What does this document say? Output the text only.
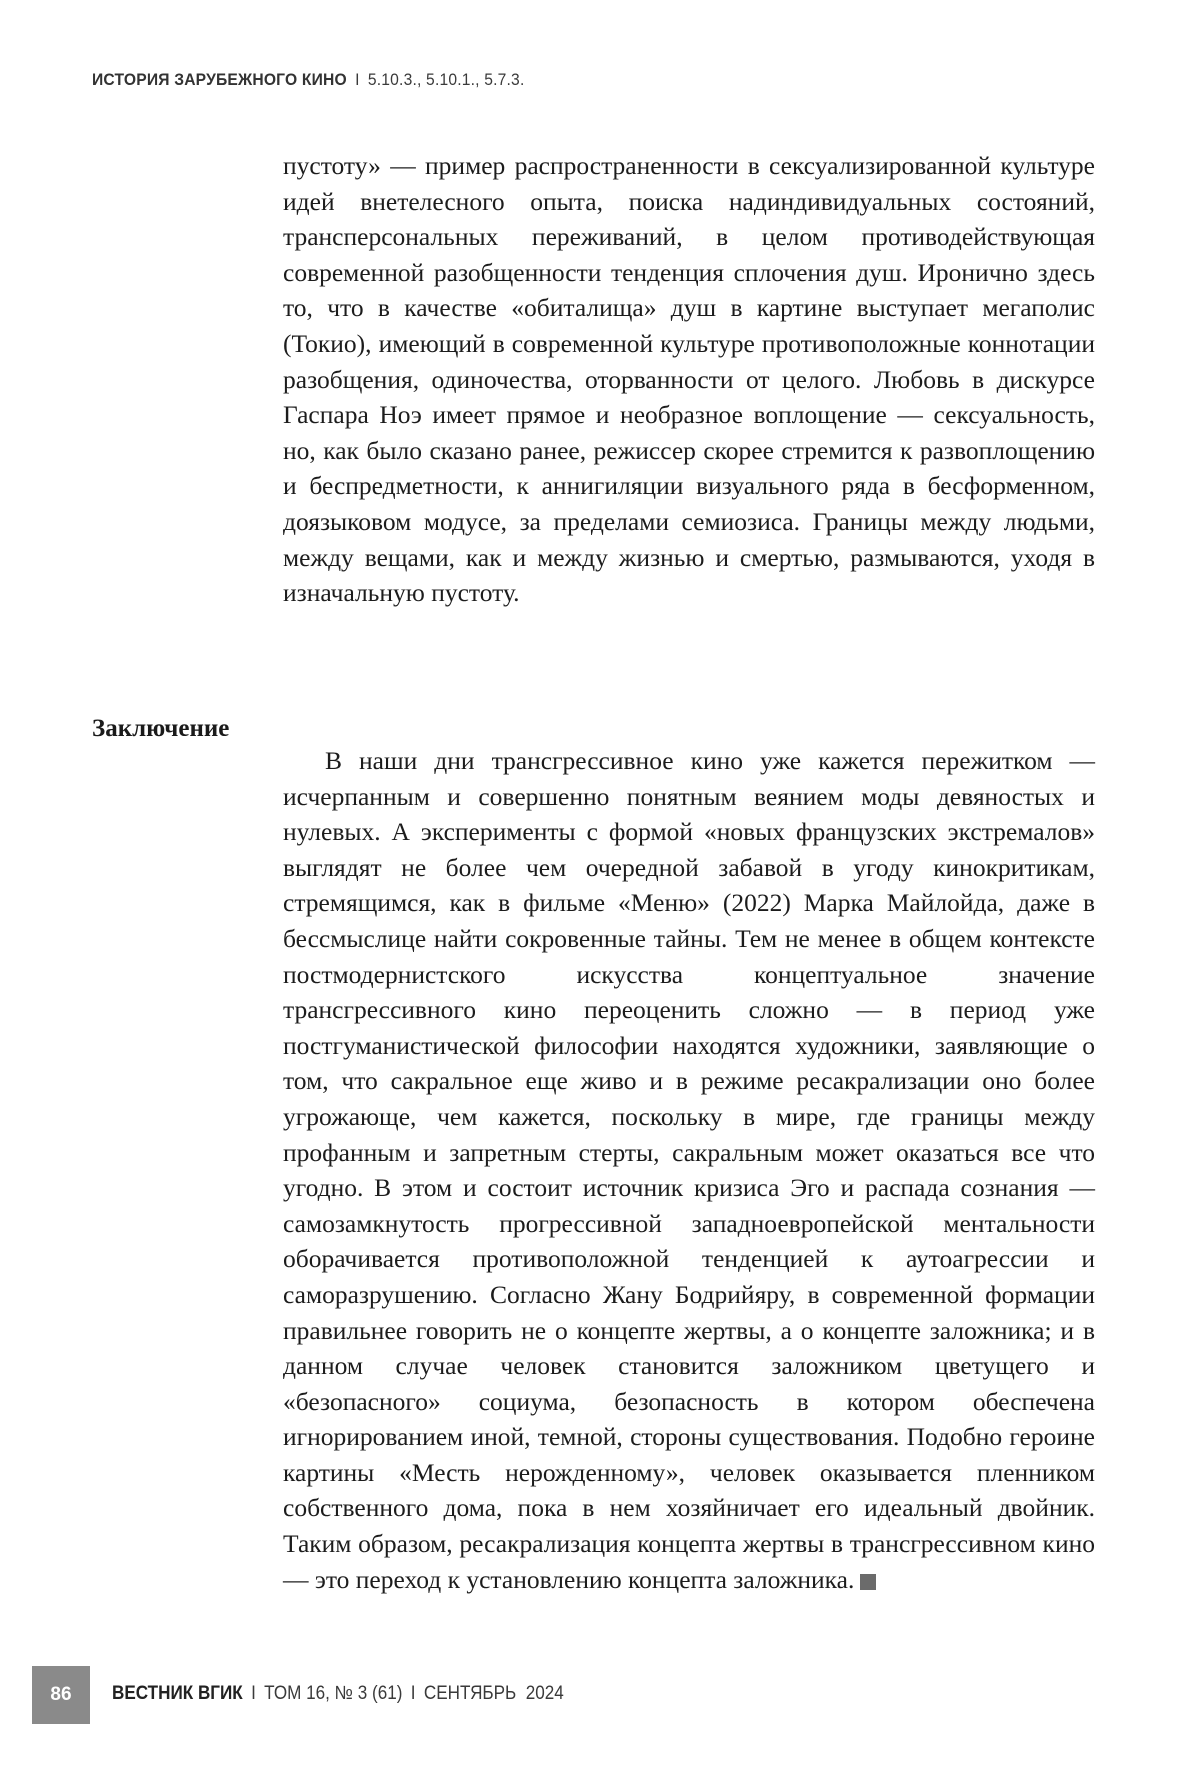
ИСТОРИЯ ЗАРУБЕЖНОГО КИНО I 5.10.3., 5.10.1., 5.7.3.

пустоту» — пример распространенности в сексуализированной культуре идей внетелесного опыта, поиска надиндивидуальных состояний, трансперсональных переживаний, в целом противодействующая современной разобщенности тенденция сплочения душ. Иронично здесь то, что в качестве «обиталища» душ в картине выступает мегаполис (Токио), имеющий в современной культуре противоположные коннотации разобщения, одиночества, оторванности от целого. Любовь в дискурсе Гаспара Ноэ имеет прямое и необразное воплощение — сексуальность, но, как было сказано ранее, режиссер скорее стремится к развоплощению и беспредметности, к аннигиляции визуального ряда в бесформенном, доязыковом модусе, за пределами семиозиса. Границы между людьми, между вещами, как и между жизнью и смертью, размываются, уходя в изначальную пустоту.

Заключение

В наши дни трансгрессивное кино уже кажется пережитком — исчерпанным и совершенно понятным веянием моды девяностых и нулевых. А эксперименты с формой «новых французских экстремалов» выглядят не более чем очередной забавой в угоду кинокритикам, стремящимся, как в фильме «Меню» (2022) Марка Майлойда, даже в бессмыслице найти сокровенные тайны. Тем не менее в общем контексте постмодернистского искусства концептуальное значение трансгрессивного кино переоценить сложно — в период уже постгуманистической философии находятся художники, заявляющие о том, что сакральное еще живо и в режиме ресакрализации оно более угрожающе, чем кажется, поскольку в мире, где границы между профанным и запретным стерты, сакральным может оказаться все что угодно. В этом и состоит источник кризиса Эго и распада сознания — самозамкнутость прогрессивной западноевропейской ментальности оборачивается противоположной тенденцией к аутоагрессии и саморазрушению. Согласно Жану Бодрийяру, в современной формации правильнее говорить не о концепте жертвы, а о концепте заложника; и в данном случае человек становится заложником цветущего и «безопасного» социума, безопасность в котором обеспечена игнорированием иной, темной, стороны существования. Подобно героине картины «Месть нерожденному», человек оказывается пленником собственного дома, пока в нем хозяйничает его идеальный двойник. Таким образом, ресакрализация концепта жертвы в трансгрессивном кино — это переход к установлению концепта заложника.

86 ВЕСТНИК ВГИК I ТОМ 16, № 3 (61) I СЕНТЯБРЬ  2024
